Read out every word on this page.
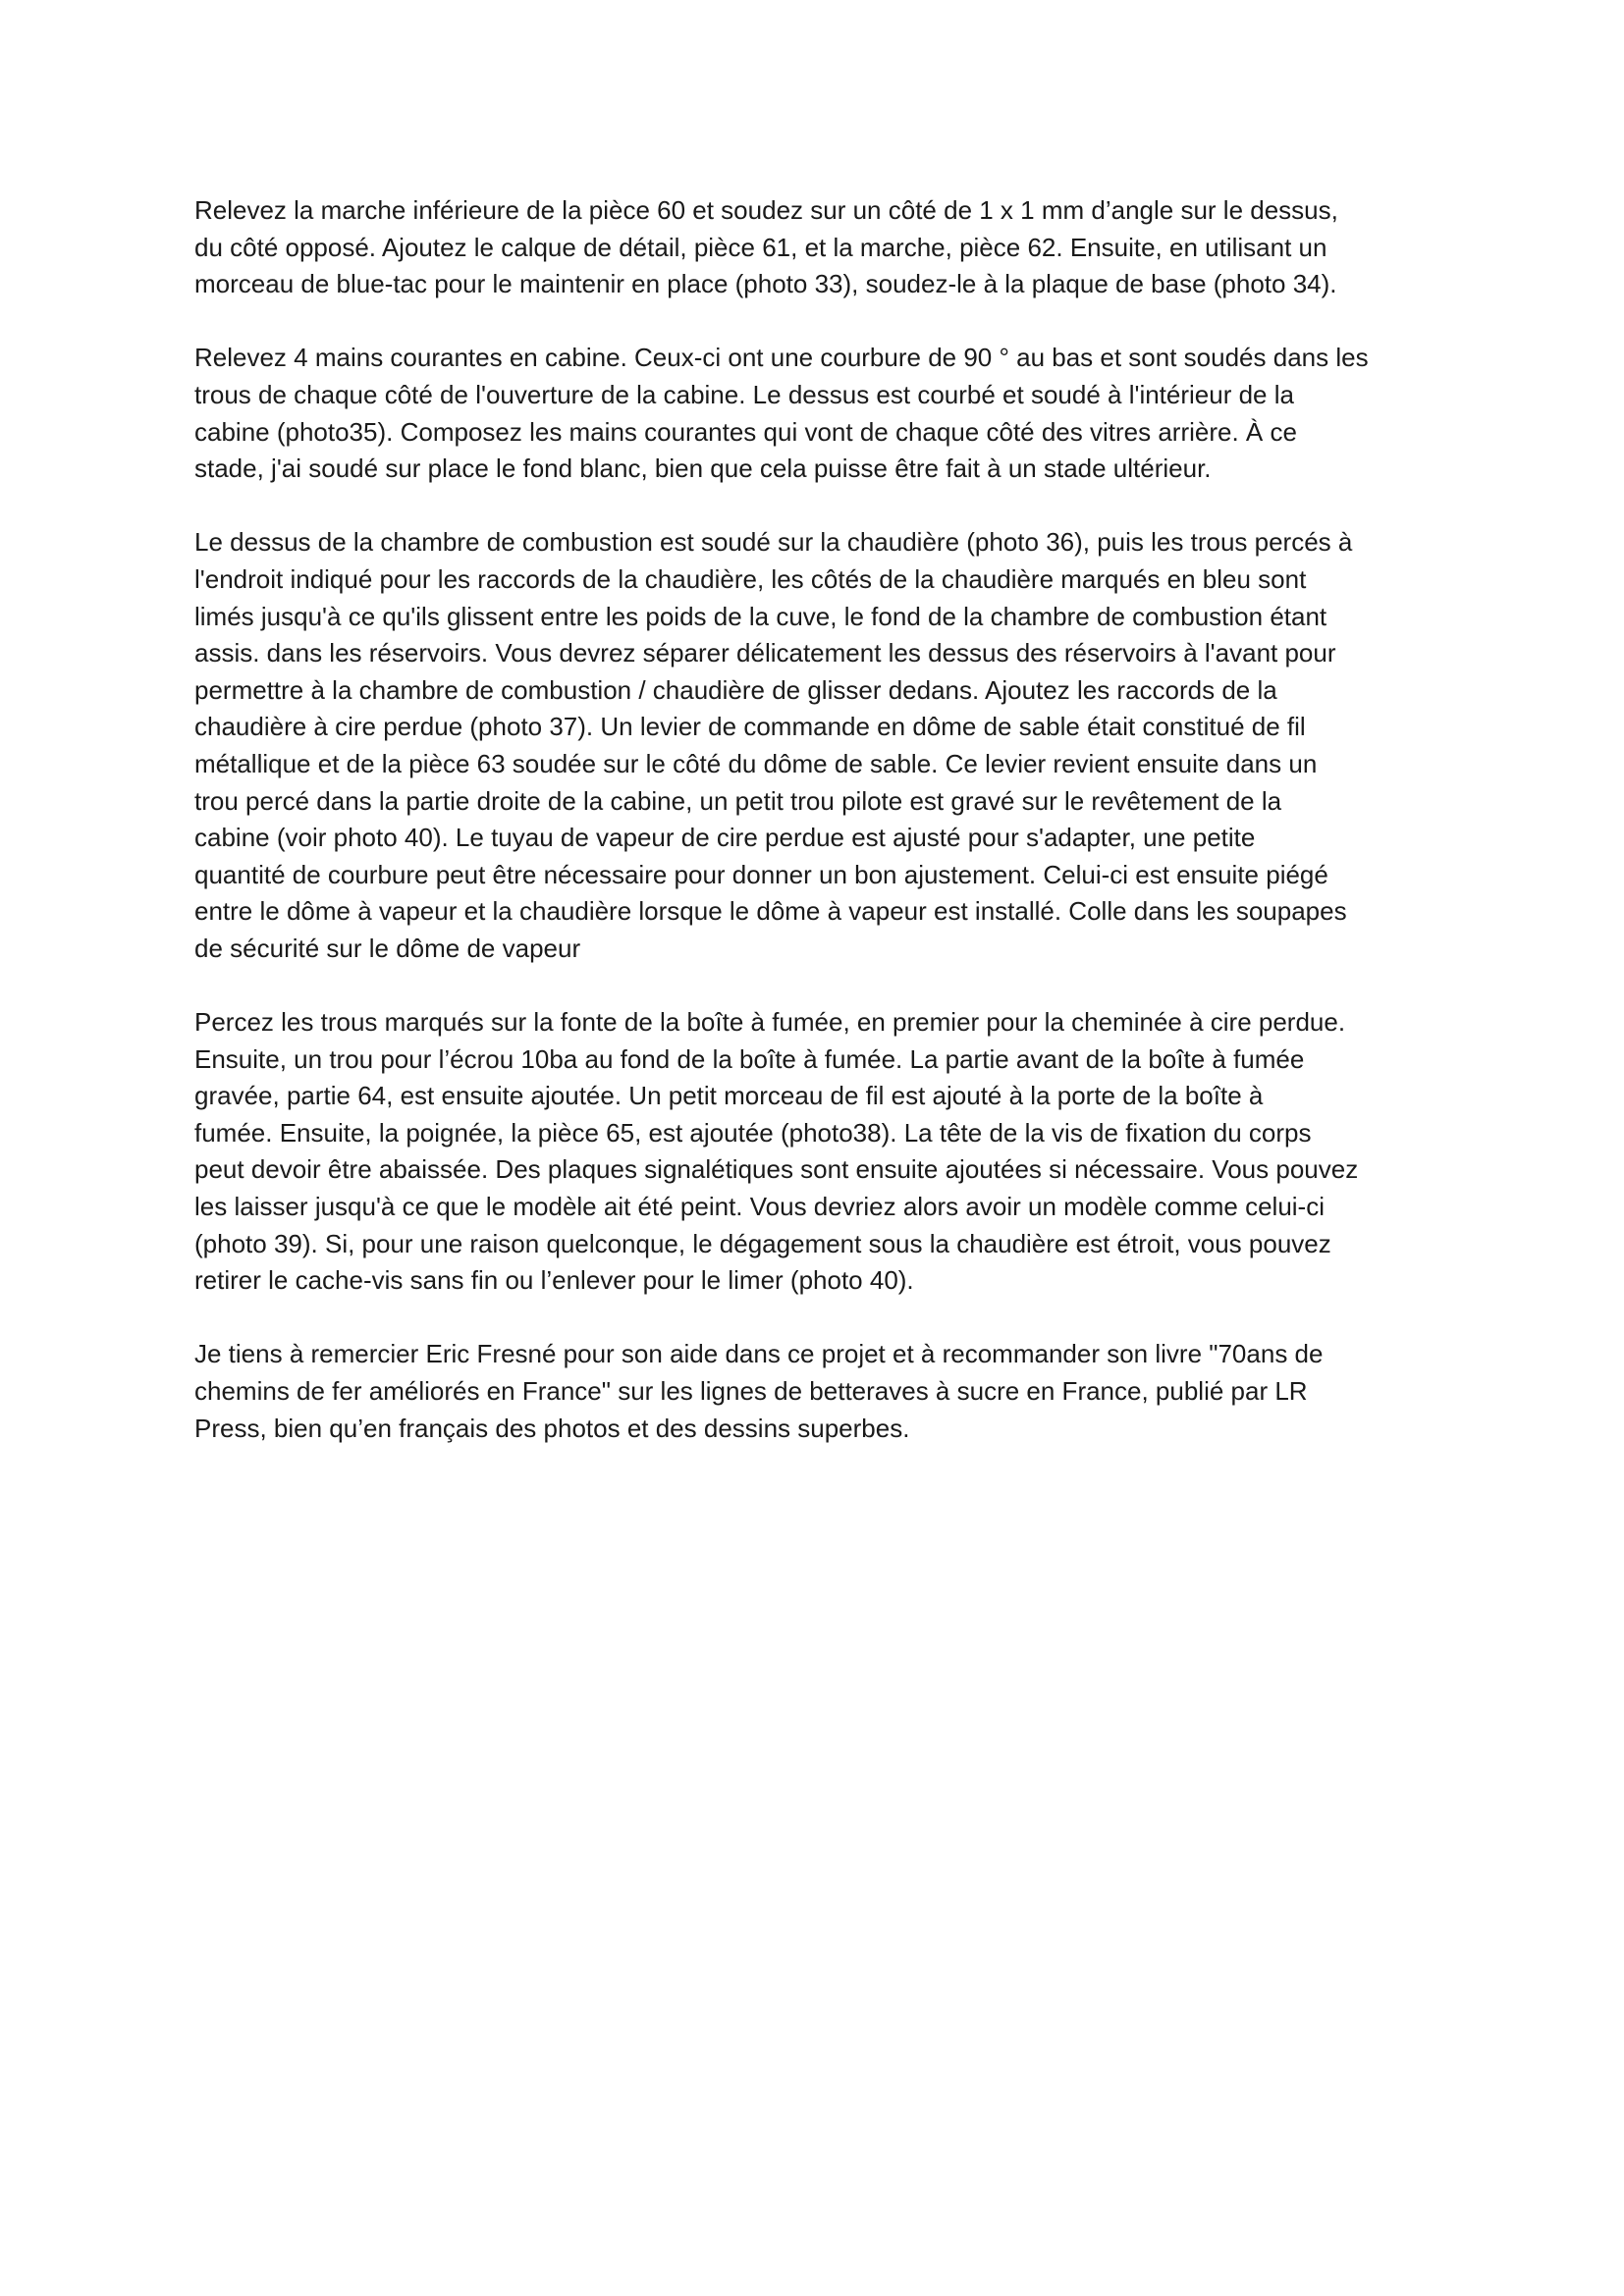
Relevez la marche inférieure de la pièce 60 et soudez sur un côté de 1 x 1 mm d’angle sur le dessus,
du côté opposé. Ajoutez le calque de détail, pièce 61, et la marche, pièce 62. Ensuite, en utilisant un
morceau de blue-tac pour le maintenir en place (photo 33), soudez-le à la plaque de base (photo 34).

Relevez 4 mains courantes en cabine. Ceux-ci ont une courbure de 90 ° au bas et sont soudés dans les
trous de chaque côté de l'ouverture de la cabine. Le dessus est courbé et soudé à l'intérieur de la
cabine (photo35). Composez les mains courantes qui vont de chaque côté des vitres arrière. À ce
stade, j'ai soudé sur place le fond blanc, bien que cela puisse être fait à un stade ultérieur.

Le dessus de la chambre de combustion est soudé sur la chaudière (photo 36), puis les trous percés à
l'endroit indiqué pour les raccords de la chaudière, les côtés de la chaudière marqués en bleu sont
limés jusqu'à ce qu'ils glissent entre les poids de la cuve, le fond de la chambre de combustion étant
assis. dans les réservoirs. Vous devrez séparer délicatement les dessus des réservoirs à l'avant pour
permettre à la chambre de combustion / chaudière de glisser dedans. Ajoutez les raccords de la
chaudière à cire perdue (photo 37). Un levier de commande en dôme de sable était constitué de fil
métallique et de la pièce 63 soudée sur le côté du dôme de sable. Ce levier revient ensuite dans un
trou percé dans la partie droite de la cabine, un petit trou pilote est gravé sur le revêtement de la
cabine (voir photo 40). Le tuyau de vapeur de cire perdue est ajusté pour s'adapter, une petite
quantité de courbure peut être nécessaire pour donner un bon ajustement. Celui-ci est ensuite piégé
entre le dôme à vapeur et la chaudière lorsque le dôme à vapeur est installé. Colle dans les soupapes
de sécurité sur le dôme de vapeur

Percez les trous marqués sur la fonte de la boîte à fumée, en premier pour la cheminée à cire perdue.
Ensuite, un trou pour l’écrou 10ba au fond de la boîte à fumée. La partie avant de la boîte à fumée
gravée, partie 64, est ensuite ajoutée. Un petit morceau de fil est ajouté à la porte de la boîte à
fumée. Ensuite, la poignée, la pièce 65, est ajoutée (photo38). La tête de la vis de fixation du corps
peut devoir être abaissée. Des plaques signalétiques sont ensuite ajoutées si nécessaire. Vous pouvez
les laisser jusqu'à ce que le modèle ait été peint. Vous devriez alors avoir un modèle comme celui-ci
(photo 39). Si, pour une raison quelconque, le dégagement sous la chaudière est étroit, vous pouvez
retirer le cache-vis sans fin ou l’enlever pour le limer (photo 40).

Je tiens à remercier Eric Fresné pour son aide dans ce projet et à recommander son livre "70ans de
chemins de fer améliorés en France" sur les lignes de betteraves à sucre en France, publié par LR
Press, bien qu’en français des photos et des dessins superbes.
